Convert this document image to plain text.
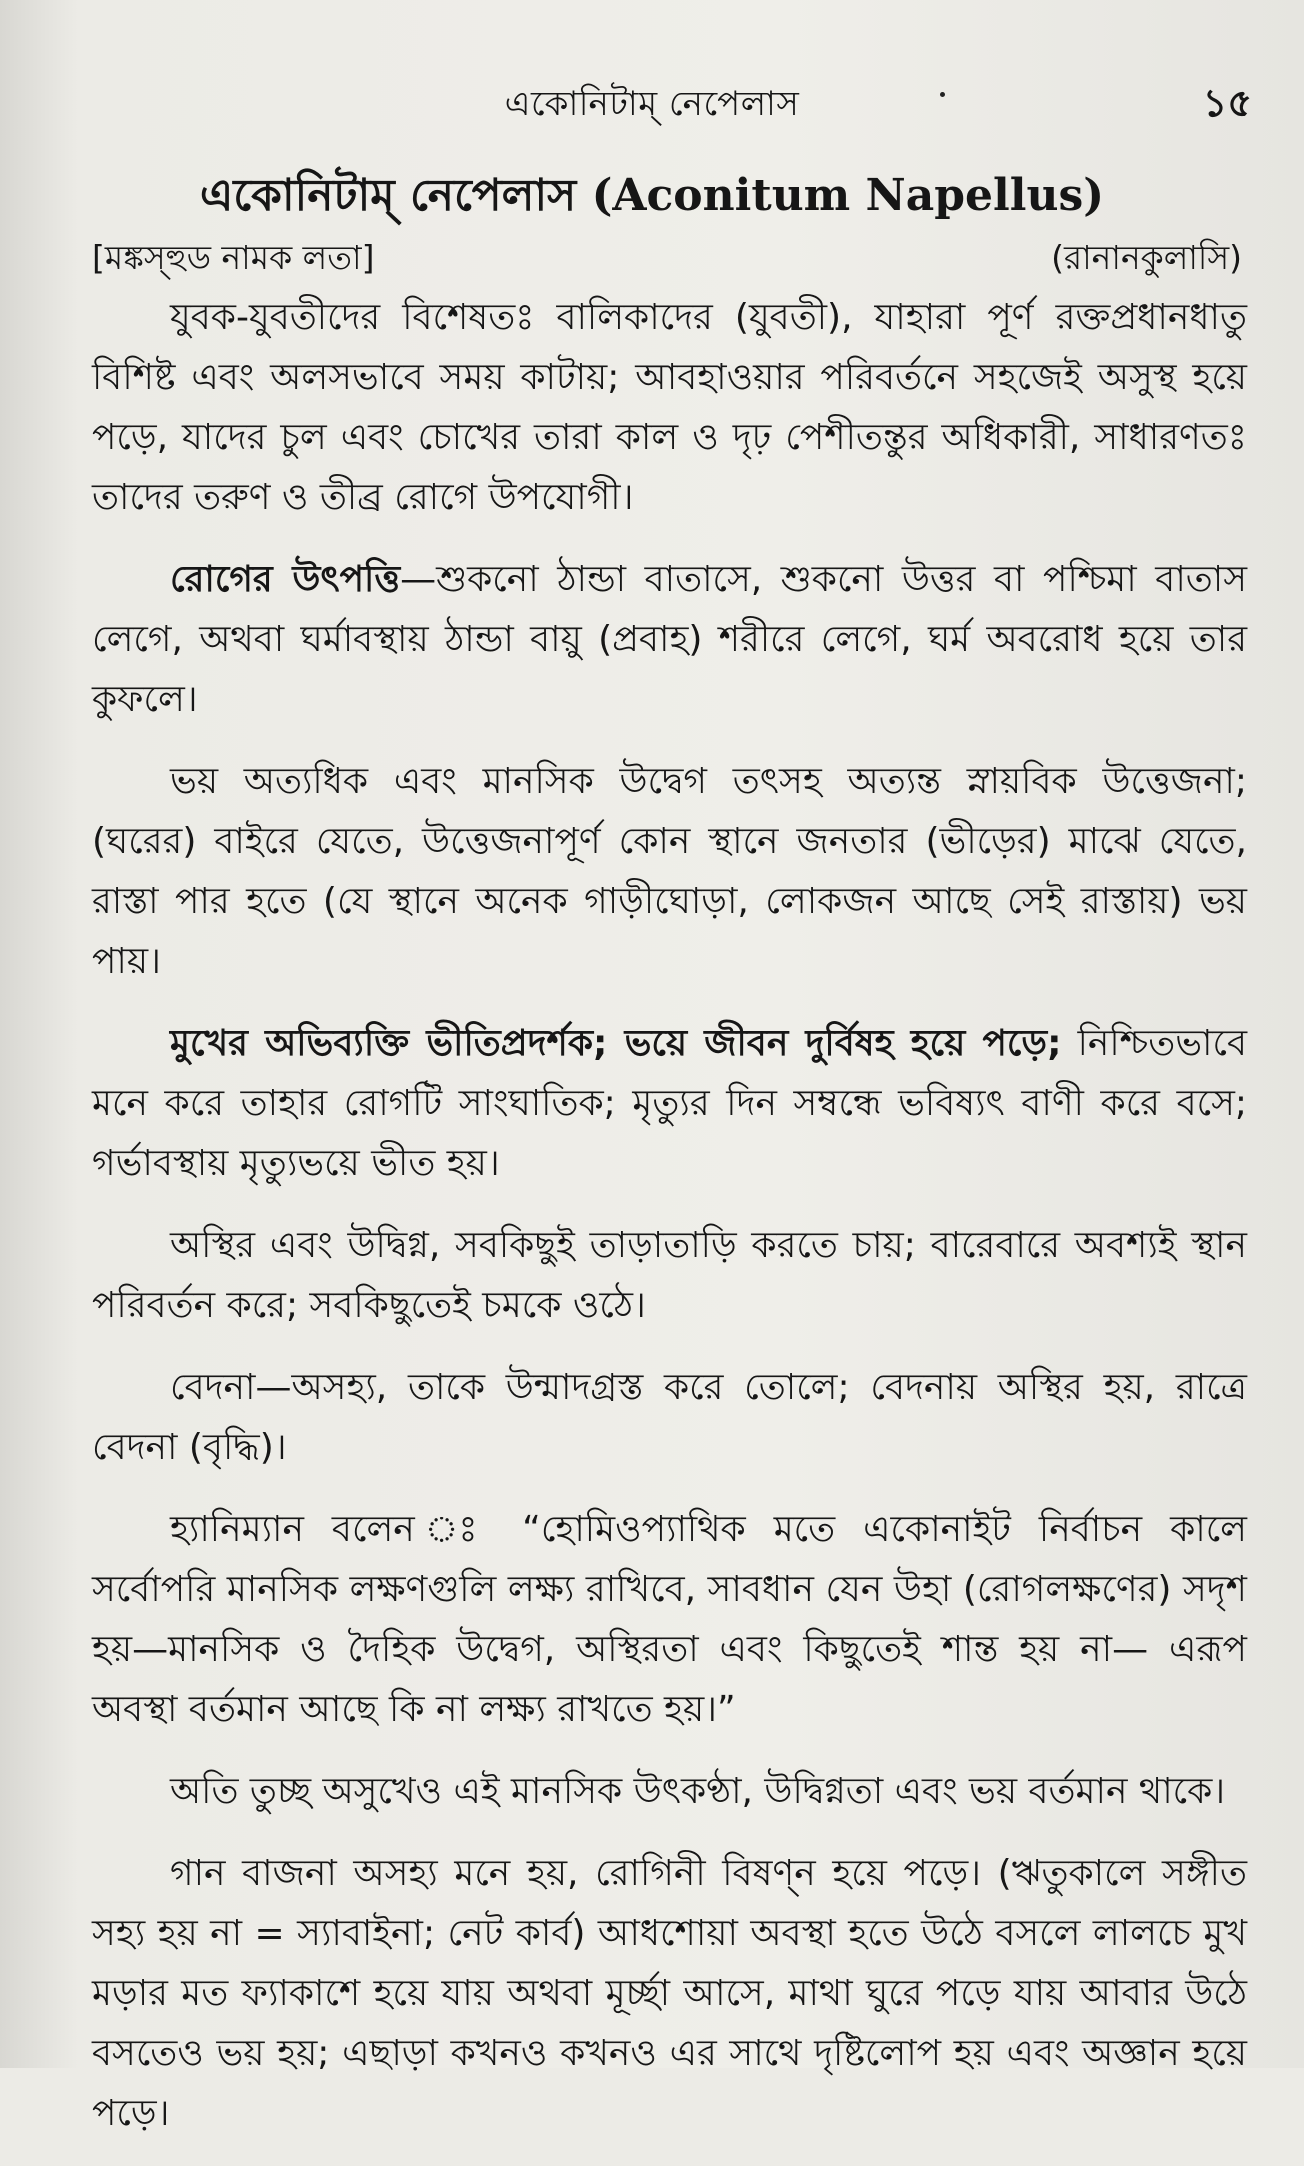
একোনিটাম্ নেপেলাস	১৫
একোনিটাম্ নেপেলাস (Aconitum Napellus)
[মঙ্কস্হুড নামক লতা]	(রানানকুলাসি)

যুবক-যুবতীদের বিশেষতঃ বালিকাদের (যুবতী), যাহারা পূর্ণ রক্তপ্রধানধাতু বিশিষ্ট এবং অলসভাবে সময় কাটায়; আবহাওয়ার পরিবর্তনে সহজেই অসুস্থ হয়ে পড়ে, যাদের চুল এবং চোখের তারা কাল ও দৃঢ় পেশীতন্তুর অধিকারী, সাধারণতঃ তাদের তরুণ ও তীব্র রোগে উপযোগী।

রোগের উৎপত্তি—শুকনো ঠান্ডা বাতাসে, শুকনো উত্তর বা পশ্চিমা বাতাস লেগে, অথবা ঘর্মাবস্থায় ঠান্ডা বায়ু (প্রবাহ) শরীরে লেগে, ঘর্ম অবরোধ হয়ে তার কুফলে।

ভয় অত্যধিক এবং মানসিক উদ্বেগ তৎসহ অত্যন্ত স্নায়বিক উত্তেজনা; (ঘরের) বাইরে যেতে, উত্তেজনাপূর্ণ কোন স্থানে জনতার (ভীড়ের) মাঝে যেতে, রাস্তা পার হতে (যে স্থানে অনেক গাড়ীঘোড়া, লোকজন আছে সেই রাস্তায়) ভয় পায়।

মুখের অভিব্যক্তি ভীতিপ্রদর্শক; ভয়ে জীবন দুর্বিষহ হয়ে পড়ে; নিশ্চিতভাবে মনে করে তাহার রোগটি সাংঘাতিক; মৃত্যুর দিন সম্বন্ধে ভবিষ্যৎ বাণী করে বসে; গর্ভাবস্থায় মৃত্যুভয়ে ভীত হয়।

অস্থির এবং উদ্বিগ্ন, সবকিছুই তাড়াতাড়ি করতে চায়; বারেবারে অবশ্যই স্থান পরিবর্তন করে; সবকিছুতেই চমকে ওঠে।

বেদনা—অসহ্য, তাকে উন্মাদগ্রস্ত করে তোলে; বেদনায় অস্থির হয়, রাত্রে বেদনা (বৃদ্ধি)।

হ্যানিম্যান বলেন ঃ “হোমিওপ্যাথিক মতে একোনাইট নির্বাচন কালে সর্বোপরি মানসিক লক্ষণগুলি লক্ষ্য রাখিবে, সাবধান যেন উহা (রোগলক্ষণের) সদৃশ হয়—মানসিক ও দৈহিক উদ্বেগ, অস্থিরতা এবং কিছুতেই শান্ত হয় না— এরূপ অবস্থা বর্তমান আছে কি না লক্ষ্য রাখতে হয়।”

অতি তুচ্ছ অসুখেও এই মানসিক উৎকণ্ঠা, উদ্বিগ্নতা এবং ভয় বর্তমান থাকে।

গান বাজনা অসহ্য মনে হয়, রোগিনী বিষণ্ন হয়ে পড়ে। (ঋতুকালে সঙ্গীত সহ্য হয় না = স্যাবাইনা; নেট কার্ব) আধশোয়া অবস্থা হতে উঠে বসলে লালচে মুখ মড়ার মত ফ্যাকাশে হয়ে যায় অথবা মূর্চ্ছা আসে, মাথা ঘুরে পড়ে যায় আবার উঠে বসতেও ভয় হয়; এছাড়া কখনও কখনও এর সাথে দৃষ্টিলোপ হয় এবং অজ্ঞান হয়ে পড়ে।
